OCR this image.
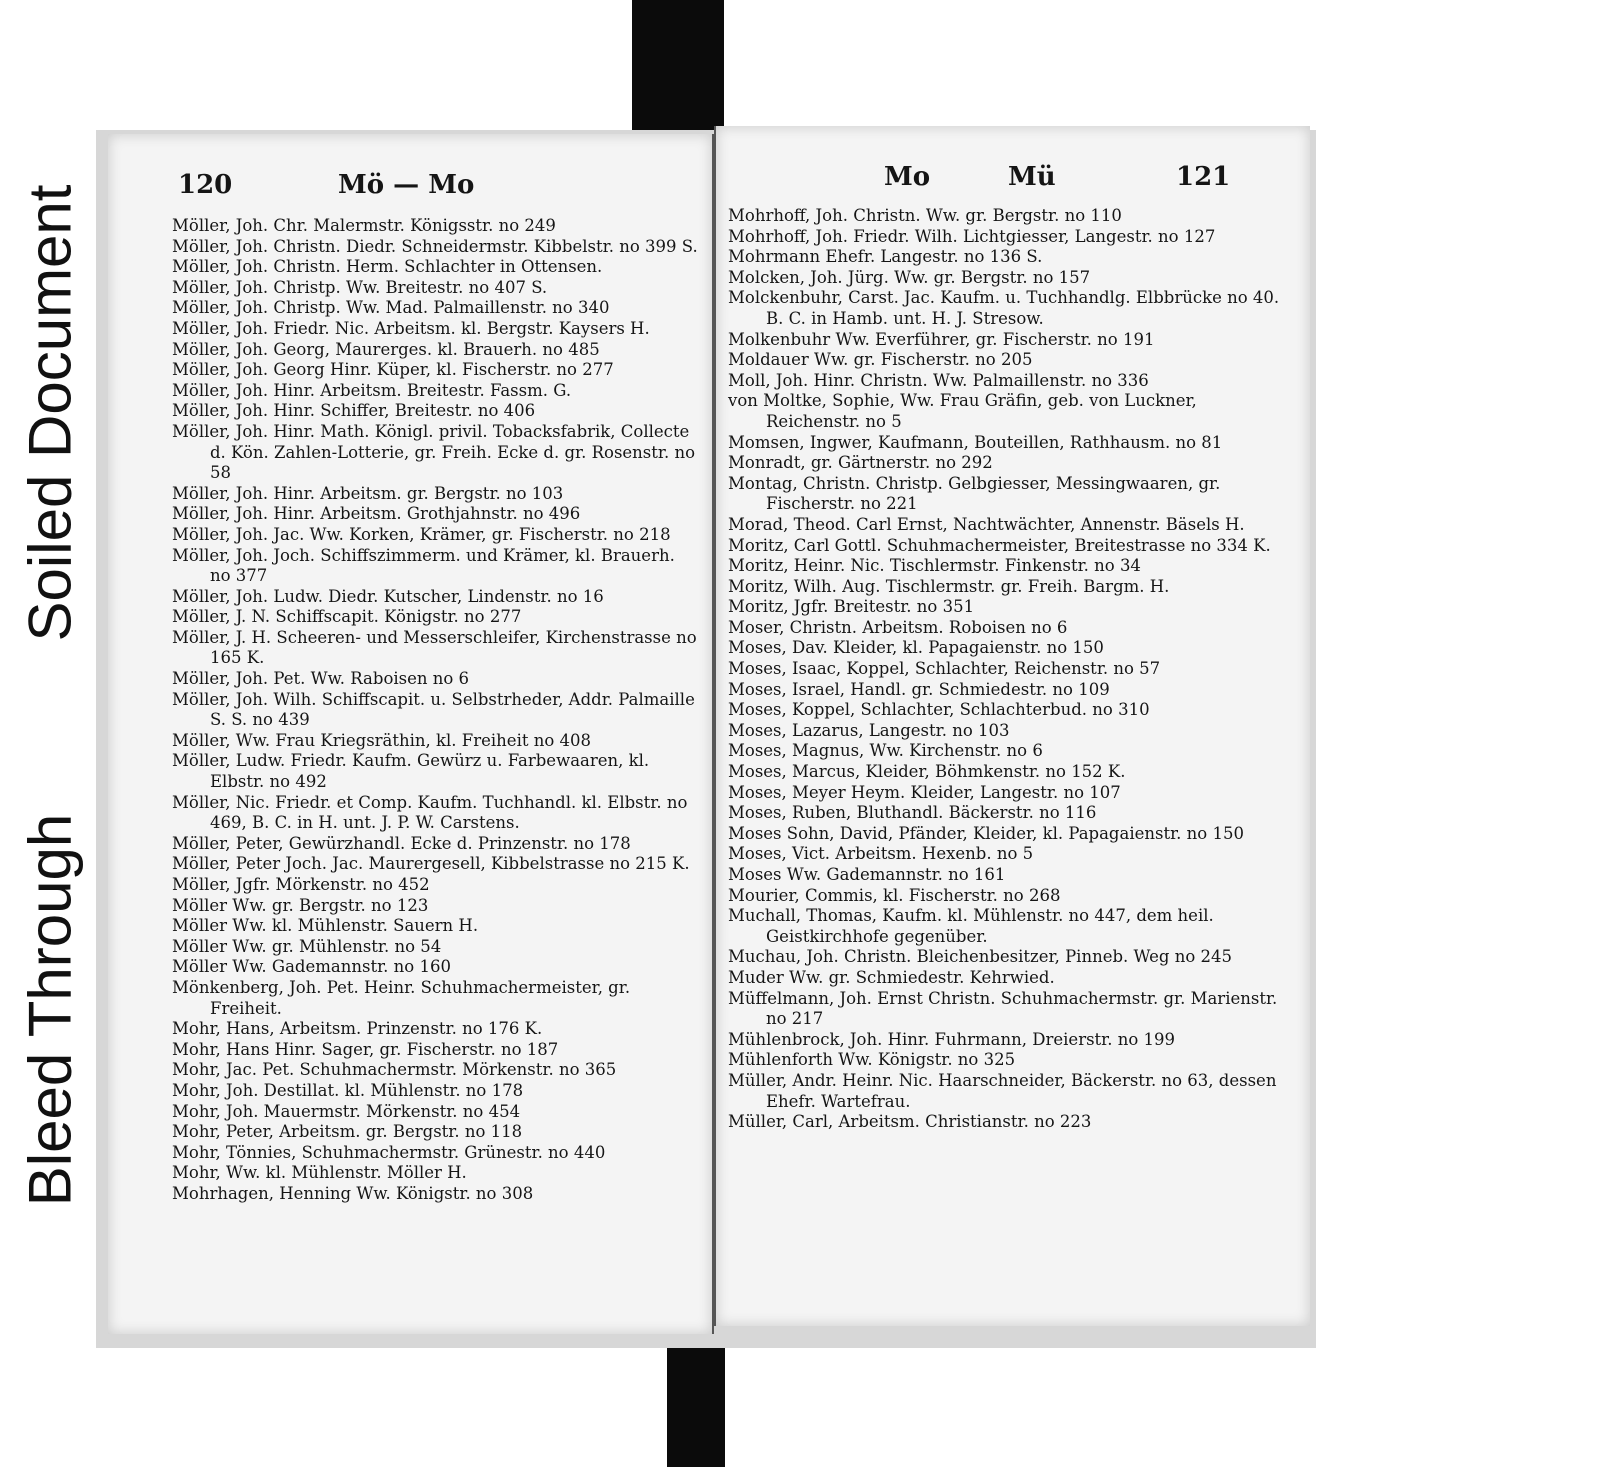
Soiled Document
Bleed Through
120	Mö — Mo
Möller, Joh. Chr. Malermstr. Königsstr. no 249
Möller, Joh. Christn. Diedr. Schneidermstr. Kibbelstr. no 399 S.
Möller, Joh. Christn. Herm. Schlachter in Ottensen.
Möller, Joh. Christp. Ww. Breitestr. no 407 S.
Möller, Joh. Christp. Ww. Mad. Palmaillenstr. no 340
Möller, Joh. Friedr. Nic. Arbeitsm. kl. Bergstr. Kaysers H.
Möller, Joh. Georg, Maurerges. kl. Brauerh. no 485
Möller, Joh. Georg Hinr. Küper, kl. Fischerstr. no 277
Möller, Joh. Hinr. Arbeitsm. Breitestr. Fassm. G.
Möller, Joh. Hinr. Schiffer, Breitestr. no 406
Möller, Joh. Hinr. Math. Königl. privil. Tobacksfabrik, Collecte d. Kön. Zahlen-Lotterie, gr. Freih. Ecke d. gr. Rosenstr. no 58
Möller, Joh. Hinr. Arbeitsm. gr. Bergstr. no 103
Möller, Joh. Hinr. Arbeitsm. Grothjahnstr. no 496
Möller, Joh. Jac. Ww. Korken, Krämer, gr. Fischerstr. no 218
Möller, Joh. Joch. Schiffszimmerm. und Krämer, kl. Brauerh. no 377
Möller, Joh. Ludw. Diedr. Kutscher, Lindenstr. no 16
Möller, J. N. Schiffscapit. Königstr. no 277
Möller, J. H. Scheeren- und Messerschleifer, Kirchenstrasse no 165 K.
Möller, Joh. Pet. Ww. Raboisen no 6
Möller, Joh. Wilh. Schiffscapit. u. Selbstrheder, Addr. Palmaille S. S. no 439
Möller, Ww. Frau Kriegsräthin, kl. Freiheit no 408
Möller, Ludw. Friedr. Kaufm. Gewürz u. Farbewaaren, kl. Elbstr. no 492
Möller, Nic. Friedr. et Comp. Kaufm. Tuchhandl. kl. Elbstr. no 469, B. C. in H. unt. J. P. W. Carstens.
Möller, Peter, Gewürzhandl. Ecke d. Prinzenstr. no 178
Möller, Peter Joch. Jac. Maurergesell, Kibbelstrasse no 215 K.
Möller, Jgfr. Mörkenstr. no 452
Möller Ww. gr. Bergstr. no 123
Möller Ww. kl. Mühlenstr. Sauern H.
Möller Ww. gr. Mühlenstr. no 54
Möller Ww. Gademannstr. no 160
Mönkenberg, Joh. Pet. Heinr. Schuhmachermeister, gr. Freiheit.
Mohr, Hans, Arbeitsm. Prinzenstr. no 176 K.
Mohr, Hans Hinr. Sager, gr. Fischerstr. no 187
Mohr, Jac. Pet. Schuhmachermstr. Mörkenstr. no 365
Mohr, Joh. Destillat. kl. Mühlenstr. no 178
Mohr, Joh. Mauermstr. Mörkenstr. no 454
Mohr, Peter, Arbeitsm. gr. Bergstr. no 118
Mohr, Tönnies, Schuhmachermstr. Grünestr. no 440
Mohr, Ww. kl. Mühlenstr. Möller H.
Mohrhagen, Henning Ww. Königstr. no 308
Mo	Mü	121
Mohrhoff, Joh. Christn. Ww. gr. Bergstr. no 110
Mohrhoff, Joh. Friedr. Wilh. Lichtgiesser, Langestr. no 127
Mohrmann Ehefr. Langestr. no 136 S.
Molcken, Joh. Jürg. Ww. gr. Bergstr. no 157
Molckenbuhr, Carst. Jac. Kaufm. u. Tuchhandlg. Elbbrücke no 40. B. C. in Hamb. unt. H. J. Stresow.
Molkenbuhr Ww. Everführer, gr. Fischerstr. no 191
Moldauer Ww. gr. Fischerstr. no 205
Moll, Joh. Hinr. Christn. Ww. Palmaillenstr. no 336
von Moltke, Sophie, Ww. Frau Gräfin, geb. von Luckner, Reichenstr. no 5
Momsen, Ingwer, Kaufmann, Bouteillen, Rathhausm. no 81
Monradt, gr. Gärtnerstr. no 292
Montag, Christn. Christp. Gelbgiesser, Messingwaaren, gr. Fischerstr. no 221
Morad, Theod. Carl Ernst, Nachtwächter, Annenstr. Bäsels H.
Moritz, Carl Gottl. Schuhmachermeister, Breitestrasse no 334 K.
Moritz, Heinr. Nic. Tischlermstr. Finkenstr. no 34
Moritz, Wilh. Aug. Tischlermstr. gr. Freih. Bargm. H.
Moritz, Jgfr. Breitestr. no 351
Moser, Christn. Arbeitsm. Roboisen no 6
Moses, Dav. Kleider, kl. Papagaienstr. no 150
Moses, Isaac, Koppel, Schlachter, Reichenstr. no 57
Moses, Israel, Handl. gr. Schmiedestr. no 109
Moses, Koppel, Schlachter, Schlachterbud. no 310
Moses, Lazarus, Langestr. no 103
Moses, Magnus, Ww. Kirchenstr. no 6
Moses, Marcus, Kleider, Böhmkenstr. no 152 K.
Moses, Meyer Heym. Kleider, Langestr. no 107
Moses, Ruben, Bluthandl. Bäckerstr. no 116
Moses Sohn, David, Pfänder, Kleider, kl. Papagaienstr. no 150
Moses, Vict. Arbeitsm. Hexenb. no 5
Moses Ww. Gademannstr. no 161
Mourier, Commis, kl. Fischerstr. no 268
Muchall, Thomas, Kaufm. kl. Mühlenstr. no 447, dem heil. Geistkirchhofe gegenüber.
Muchau, Joh. Christn. Bleichenbesitzer, Pinneb. Weg no 245
Muder Ww. gr. Schmiedestr. Kehrwied.
Müffelmann, Joh. Ernst Christn. Schuhmachermstr. gr. Marienstr. no 217
Mühlenbrock, Joh. Hinr. Fuhrmann, Dreierstr. no 199
Mühlenforth Ww. Königstr. no 325
Müller, Andr. Heinr. Nic. Haarschneider, Bäckerstr. no 63, dessen Ehefr. Wartefrau.
Müller, Carl, Arbeitsm. Christianstr. no 223
